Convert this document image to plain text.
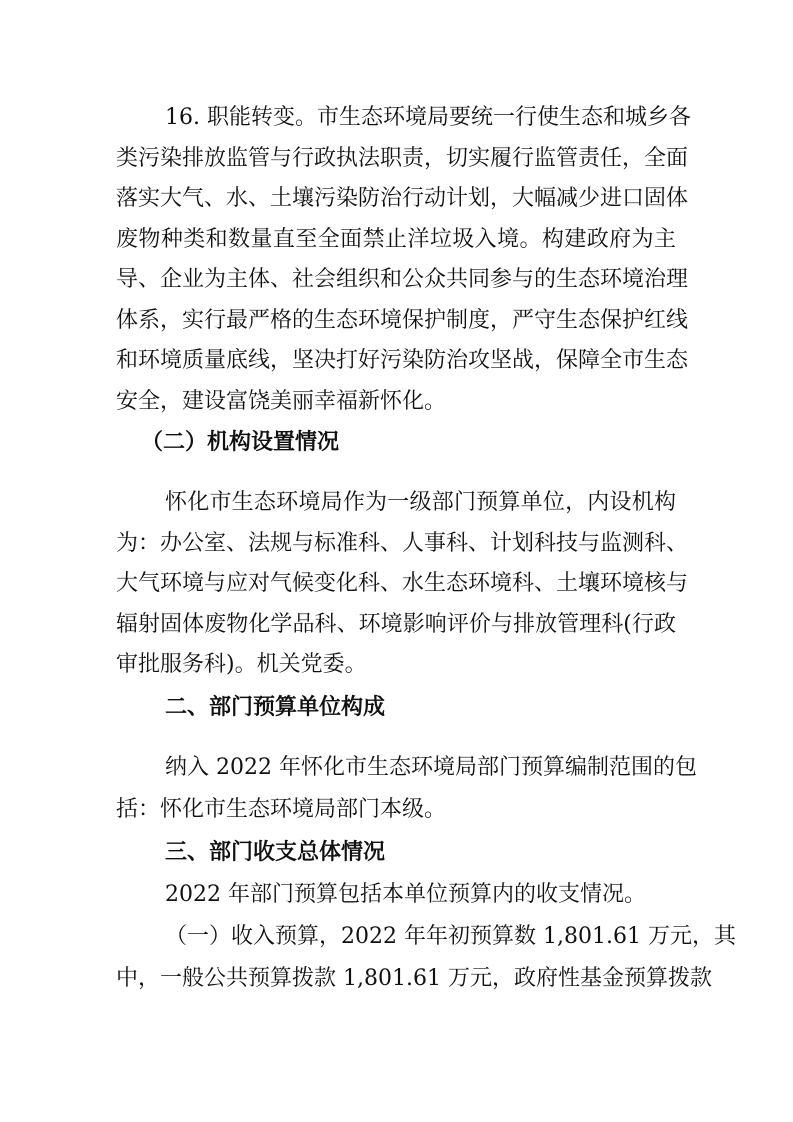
16. 职能转变。市生态环境局要统一行使生态和城乡各
类污染排放监管与行政执法职责，切实履行监管责任，全面
落实大气、水、土壤污染防治行动计划，大幅减少进口固体
废物种类和数量直至全面禁止洋垃圾入境。构建政府为主
导、企业为主体、社会组织和公众共同参与的生态环境治理
体系，实行最严格的生态环境保护制度，严守生态保护红线
和环境质量底线，坚决打好污染防治攻坚战，保障全市生态
安全，建设富饶美丽幸福新怀化。
（二）机构设置情况
怀化市生态环境局作为一级部门预算单位，内设机构
为：办公室、法规与标准科、人事科、计划科技与监测科、
大气环境与应对气候变化科、水生态环境科、土壤环境核与
辐射固体废物化学品科、环境影响评价与排放管理科(行政
审批服务科)。机关党委。
二、部门预算单位构成
纳入 2022 年怀化市生态环境局部门预算编制范围的包
括：怀化市生态环境局部门本级。
三、部门收支总体情况
2022 年部门预算包括本单位预算内的收支情况。
（一）收入预算，2022 年年初预算数 1,801.61 万元，其
中，一般公共预算拨款 1,801.61 万元，政府性基金预算拨款
